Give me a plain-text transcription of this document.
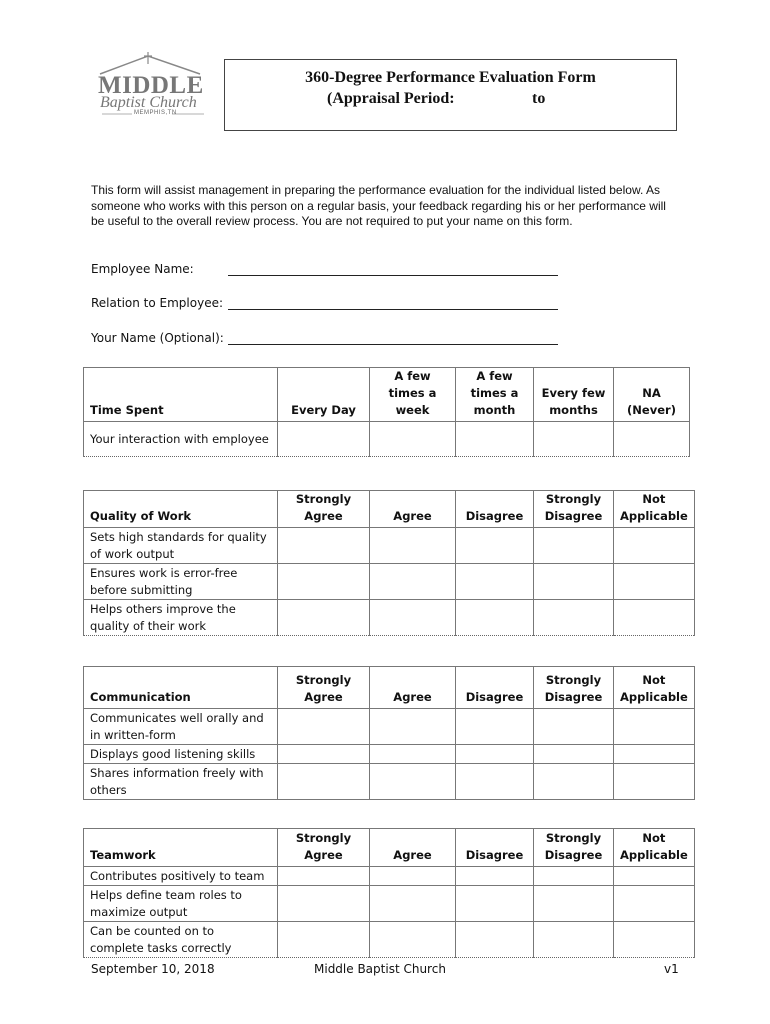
MIDDLE
Baptist Church
MEMPHIS,TN
360-Degree Performance Evaluation Form
(Appraisal Period:	to
This form will assist management in preparing the performance evaluation for the individual listed below. As someone who works with this person on a regular basis, your feedback regarding his or her performance will be useful to the overall review process. You are not required to put your name on this form.
Employee Name:
Relation to Employee:
Your Name (Optional):
Time Spent	Every Day	A few times a week	A few times a month	Every few months	NA (Never)
Your interaction with employee					
Quality of Work	Strongly Agree	Agree	Disagree	Strongly Disagree	Not Applicable
Sets high standards for quality of work output					
Ensures work is error-free before submitting					
Helps others improve the quality of their work					
Communication	Strongly Agree	Agree	Disagree	Strongly Disagree	Not Applicable
Communicates well orally and in written-form					
Displays good listening skills					
Shares information freely with others					
Teamwork	Strongly Agree	Agree	Disagree	Strongly Disagree	Not Applicable
Contributes positively to team					
Helps define team roles to maximize output					
Can be counted on to complete tasks correctly					
September 10, 2018	Middle Baptist Church	v1
